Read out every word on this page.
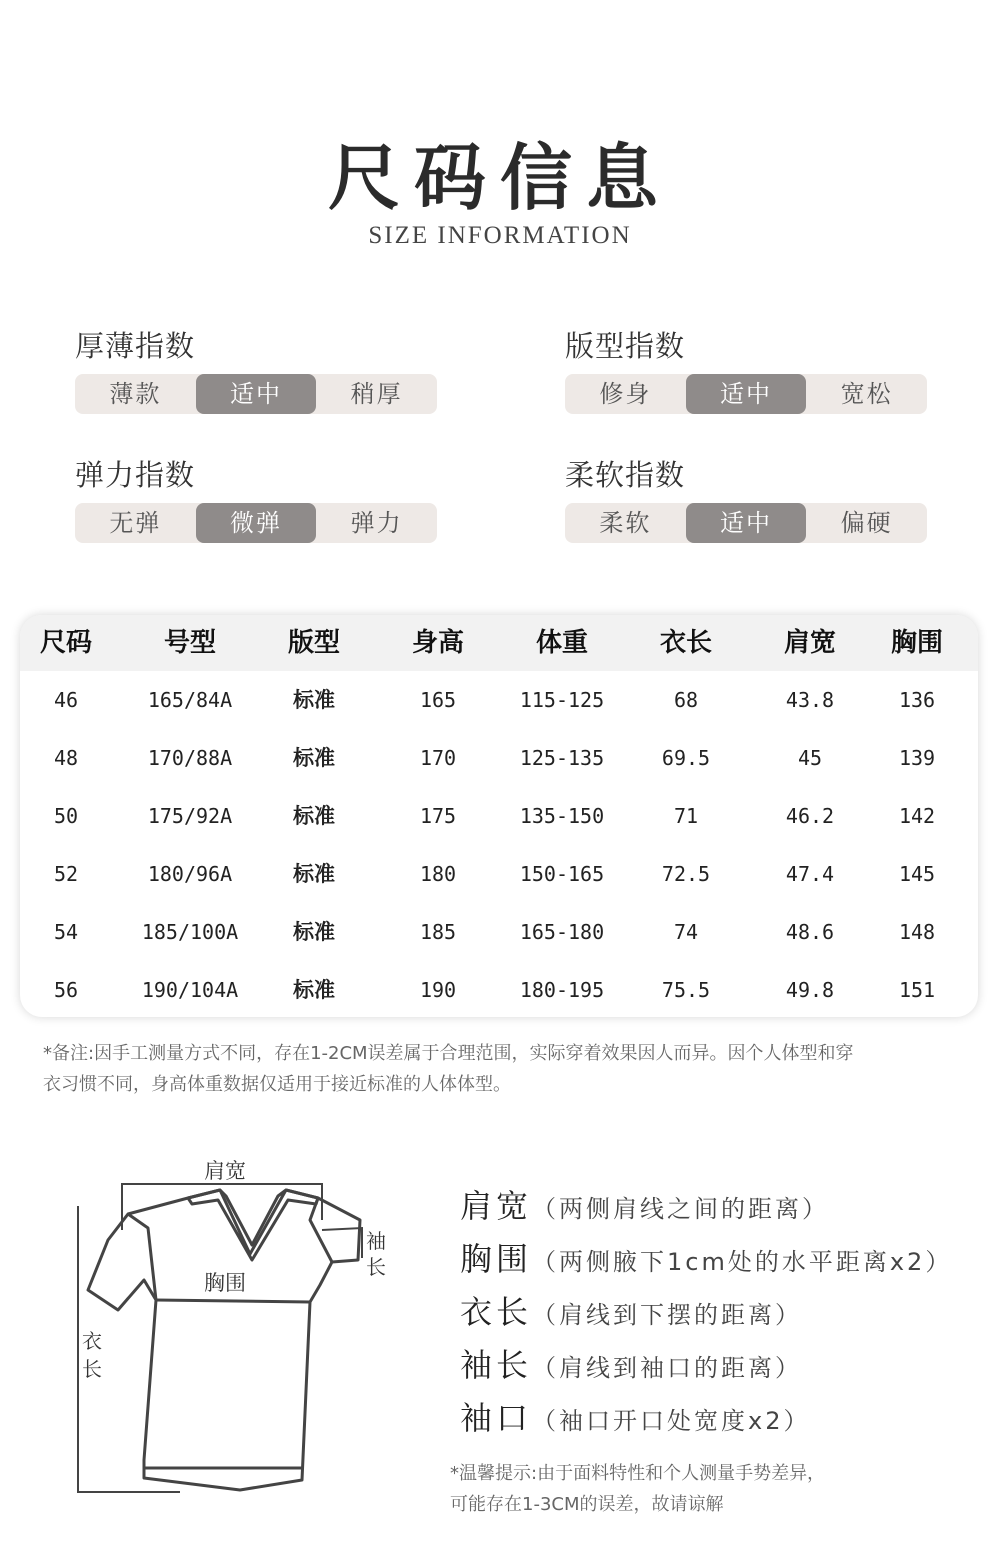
尺码信息
SIZE INFORMATION
厚薄指数
薄款	适中	稍厚
版型指数
修身	适中	宽松
弹力指数
无弹	微弹	弹力
柔软指数
柔软	适中	偏硬
尺码	号型	版型	身高	体重	衣长	肩宽	胸围
46	165/84A	标准	165	115-125	68	43.8	136
48	170/88A	标准	170	125-135	69.5	45	139
50	175/92A	标准	175	135-150	71	46.2	142
52	180/96A	标准	180	150-165	72.5	47.4	145
54	185/100A	标准	185	165-180	74	48.6	148
56	190/104A	标准	190	180-195	75.5	49.8	151
*备注:因手工测量方式不同，存在1-2CM误差属于合理范围，实际穿着效果因人而异。因个人体型和穿
衣习惯不同，身高体重数据仅适用于接近标准的人体体型。
肩宽
胸围
袖
长
衣
长
肩宽（两侧肩线之间的距离）
胸围（两侧腋下1cm处的水平距离x2）
衣长（肩线到下摆的距离）
袖长（肩线到袖口的距离）
袖口（袖口开口处宽度x2）
*温馨提示:由于面料特性和个人测量手势差异，
可能存在1-3CM的误差，故请谅解
